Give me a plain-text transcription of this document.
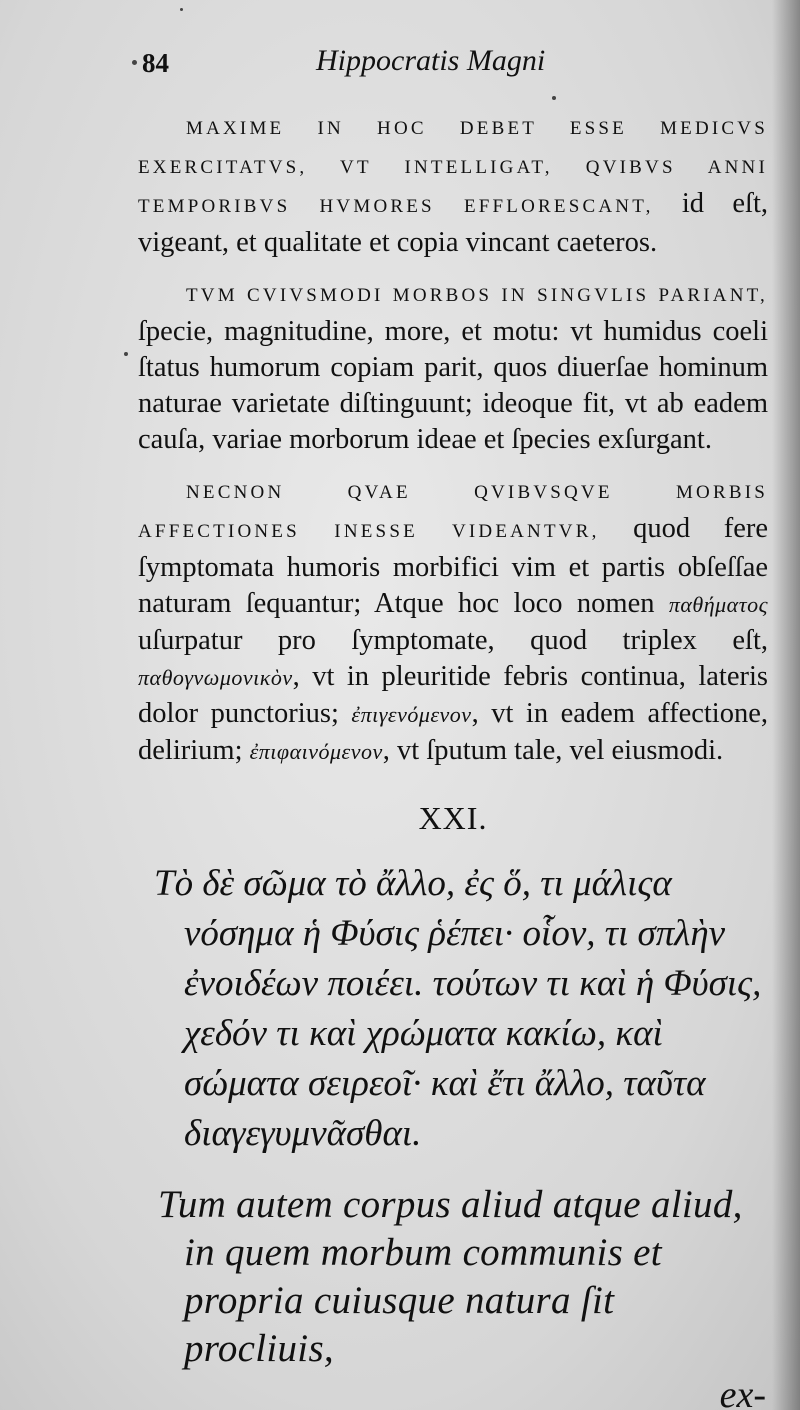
84	Hippocratis Magni

MAXIME IN HOC DEBET ESSE MEDICVS EXERCITATVS, VT INTELLIGAT, QVIBVS ANNI TEMPORIBVS HVMORES EFFLORESCANT, id eſt, vigeant, et qualitate et copia vincant caeteros.

TVM CVIVSMODI MORBOS IN SINGVLIS PARIANT, ſpecie, magnitudine, more, et motu: vt humidus coeli ſtatus humorum copiam parit, quos diuerſae hominum naturae varietate diſtinguunt; ideoque fit, vt ab eadem cauſa, variae morborum ideae et ſpecies exſurgant.

NECNON QVAE QVIBVSQVE MORBIS AFFECTIONES INESSE VIDEANTVR, quod fere ſymptomata humoris morbifici vim et partis obſeſſae naturam ſequantur; Atque hoc loco nomen παθήματος uſurpatur pro ſymptomate, quod triplex eſt, παθογνωμονικὸν, vt in pleuritide febris continua, lateris dolor punctorius; ἐπιγενόμενον, vt in eadem affectione, delirium; ἐπιφαινόμενον, vt ſputum tale, vel eiusmodi.

XXI.

Τὸ δὲ σῶμα τὸ ἄλλο, ἐς ὅ, τι μάλιςα νόσημα ἡ Φύσις ῥέπει· οἷον, τι σπλὴν ἐνοιδέων ποιέει. τούτων τι καὶ ἡ Φύσις, χεδόν τι καὶ χρώματα κακίω, καὶ σώματα σειρεοῖ· καὶ ἔτι ἄλλο, ταῦτα διαγεγυμνᾶσθαι.

Tum autem corpus aliud atque aliud, in quem morbum communis et propria cuiusque natura ſit procliuis,

ex-
